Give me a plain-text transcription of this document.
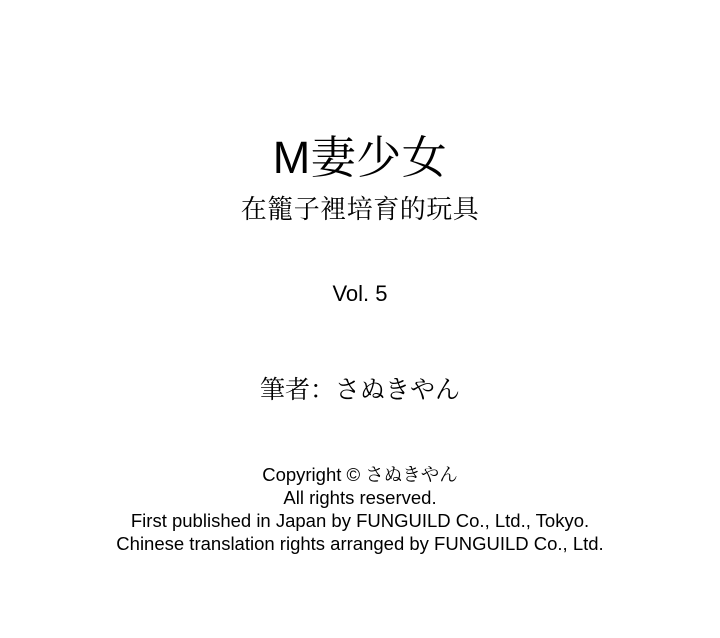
M妻少女
在籠子裡培育的玩具
Vol. 5
筆者：さぬきやん
Copyright © さぬきやん
All rights reserved.
First published in Japan by FUNGUILD Co., Ltd., Tokyo.
Chinese translation rights arranged by FUNGUILD Co., Ltd.
